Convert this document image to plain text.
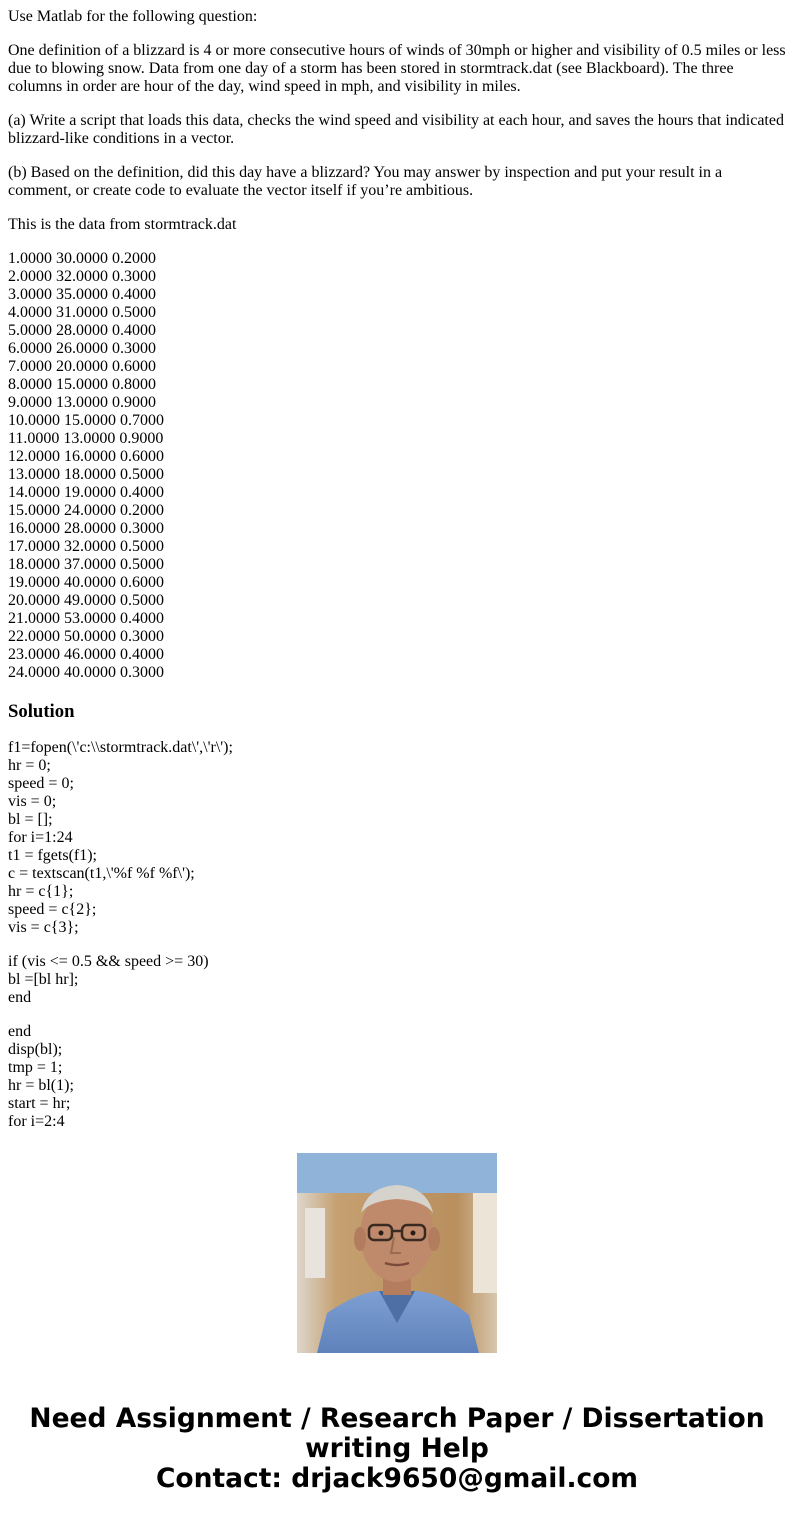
Use Matlab for the following question:

One definition of a blizzard is 4 or more consecutive hours of winds of 30mph or higher and visibility of 0.5 miles or less due to blowing snow. Data from one day of a storm has been stored in stormtrack.dat (see Blackboard). The three columns in order are hour of the day, wind speed in mph, and visibility in miles.

(a) Write a script that loads this data, checks the wind speed and visibility at each hour, and saves the hours that indicated blizzard-like conditions in a vector.

(b) Based on the definition, did this day have a blizzard? You may answer by inspection and put your result in a comment, or create code to evaluate the vector itself if you’re ambitious.

This is the data from stormtrack.dat

1.0000 30.0000 0.2000
2.0000 32.0000 0.3000
3.0000 35.0000 0.4000
4.0000 31.0000 0.5000
5.0000 28.0000 0.4000
6.0000 26.0000 0.3000
7.0000 20.0000 0.6000
8.0000 15.0000 0.8000
9.0000 13.0000 0.9000
10.0000 15.0000 0.7000
11.0000 13.0000 0.9000
12.0000 16.0000 0.6000
13.0000 18.0000 0.5000
14.0000 19.0000 0.4000
15.0000 24.0000 0.2000
16.0000 28.0000 0.3000
17.0000 32.0000 0.5000
18.0000 37.0000 0.5000
19.0000 40.0000 0.6000
20.0000 49.0000 0.5000
21.0000 53.0000 0.4000
22.0000 50.0000 0.3000
23.0000 46.0000 0.4000
24.0000 40.0000 0.3000
Solution
f1=fopen(\'c:\\stormtrack.dat\',\'r\');
hr = 0;
speed = 0;
vis = 0;
bl = [];
for i=1:24
t1 = fgets(f1);
c = textscan(t1,\'%f %f %f\');
hr = c{1};
speed = c{2};
vis = c{3};
if (vis <= 0.5 && speed >= 30)
bl =[bl hr];
end
end
disp(bl);
tmp = 1;
hr = bl(1);
start = hr;
for i=2:4
Need Assignment / Research Paper / Dissertation
writing Help
Contact: drjack9650@gmail.com
